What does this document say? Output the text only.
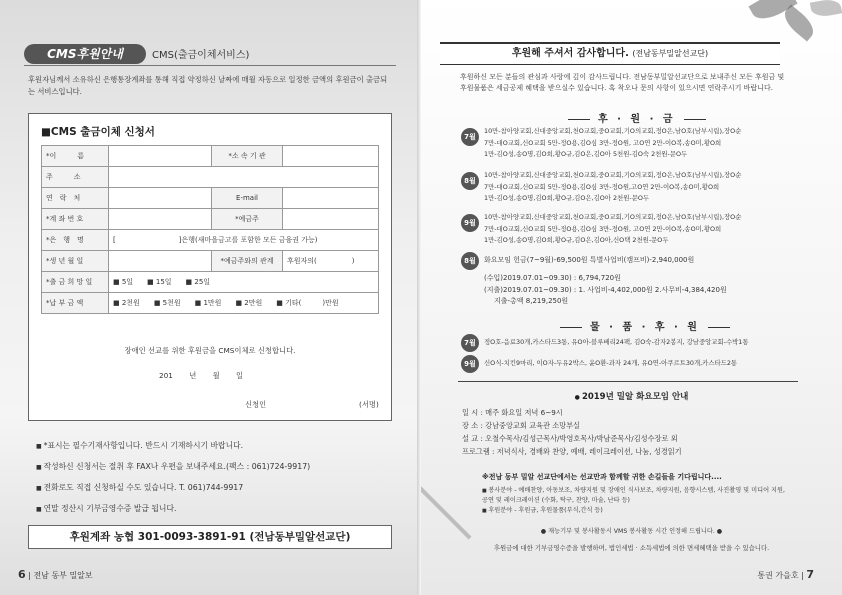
CMS후원안내	CMS(출금이체서비스)
후원자님께서 소유하신 은행통장계좌를 통해 직접 약정하신 날짜에 매월 자동으로 일정한 금액의 후원금이 출금되는 서비스입니다.
■CMS 출금이체 신청서
*이　　　름		*소 속 기 관	
주　　　소			
연　락　처		E-mail	
*계 좌 번 호		*예금주	
*은　행　명	[　　　　　　　　　]은행(새마을금고를 포함한 모든 금융권 가능)		
*생 년 월 일		*예금주와의 관계	후원자의(　　　　　)
*출 금 희 망 일	■ 5일　　■ 15일　　■ 25일		
*납 부 금 액	■ 2천원　　■ 5천원　　■ 1만원　　■ 2만원　　■ 기타(　　　)만원		
장애인 선교를 위한 후원금을 CMS이체로 신청합니다.
201 년 월 일
신청인	(서명)
■ *표시는 필수기재사항입니다. 반드시 기재하시기 바랍니다.
■ 작성하신 신청서는 절취 후 FAX나 우편을 보내주세요.(팩스 : 061)724-9917)
■ 전화로도 직접 신청하실 수도 있습니다. T. 061)744-9917
■ 연말 정산시 기부금영수증 발급 됩니다.
후원계좌 농협 301-0093-3891-91 (전남동부밀알선교단)
6 | 전남 동부 밀알보
후원해 주셔서 감사합니다. (전남동부밀알선교단)
후원하신 모든 분들의 관심과 사랑에 깊이 감사드립니다. 전남동부밀알선교단으로 보내주신 모든 후원금 및 후원물품은 세금공제 혜택을 받으실수 있습니다. 혹 착오나 문의 사항이 있으시면 연락주시기 바랍니다.
후 · 원 · 금
7월
10만-참아양교회,신대중앙교회,천O교회,중O교회,기O의교회,정O은,남O호(남부시립),장O순
7만-대O교회,신O교회 5만-정O용,김O심 3만-정O원, 고O연 2만-이O복,송O미,황O희
1만-김O성,송O명,김O희,황O규,김O은,김O아 5천원-김O숙 2천원-문O두
8월
10만-참아양교회,신대중앙교회,천O교회,중O교회,기O의교회,정O은,남O호(남부시립),장O순
7만-대O교회,신O교회 5만-정O용,김O심 3만-정O원,고O연 2만-이O복,송O미,황O희
1만-김O성,송O명,김O희,황O규,김O은,김O아 2천원-문O두
9월
10만-참아양교회,신대중앙교회,천O교회,중O교회,기O의교회,정O은,남O호(남부시립),장O순
7만-대O교회,신O교회 5만-정O용,김O심 3만-정O원, 고O연 2만-이O복,송O미,황O희
1만-김O성,송O명,김O희,황O규,김O은,김O아,신O택 2천원-문O두
8월	화요모임 헌금(7~9월)-69,500원 특별사업비(캠프비)-2,940,000원
(수입)2019.07.01~09.30) : 6,794,720원
(지출)2019.07.01~09.30) : 1. 사업비-4,402,000원 2.사무비-4,384,420원
지출-총액 8,219,250원
물 · 품 · 후 · 원
7월	정O호-음료30개,카스타드3통, 유O아-블루베리24팩, 김O숙-감자2봉지, 강남중앙교회-수박1통
9월	신O식-치킨9마리, 이O자-두유2박스, 윤O환-과자 24개, 유O연-아쿠르트30개,카스타드2통
● 2019년 밀알 화요모임 안내
일 시 : 매주 화요일 저녁 6~9시
장 소 : 강남중앙교회 교육관 소망부실
설 교 : 오철수목사/김성근목사/박영호목사/박남준목사/김성수장로 외
프로그램 : 저녁식사, 경배와 찬양, 예배, 레이크레이션, 나눔, 성경읽기
※전남 동부 밀알 선교단에서는 선교만과 함께할 귀한 손길들을 기다립니다....
■ 봉사분야 - 예배찬양, 아동보조, 차량지원 및 장애인 식사보조, 차량지원, 음향시스템, 사진촬영 및 미디어 지원, 공연 및 레이크레이션 (수화, 탁구, 찬양, 마술, 난타 등)
■ 후원분야 - 후원금, 후원물품(부식,간식 등)
● 재능기부 및 봉사활동시 VMS 봉사활동 시간 인정해 드립니다. ●
후원금에 대한 기부금영수증을 발행하며, 법인세법 · 소득세법에 의한 면세혜택을 받을 수 있습니다.
통권 가을호 | 7
